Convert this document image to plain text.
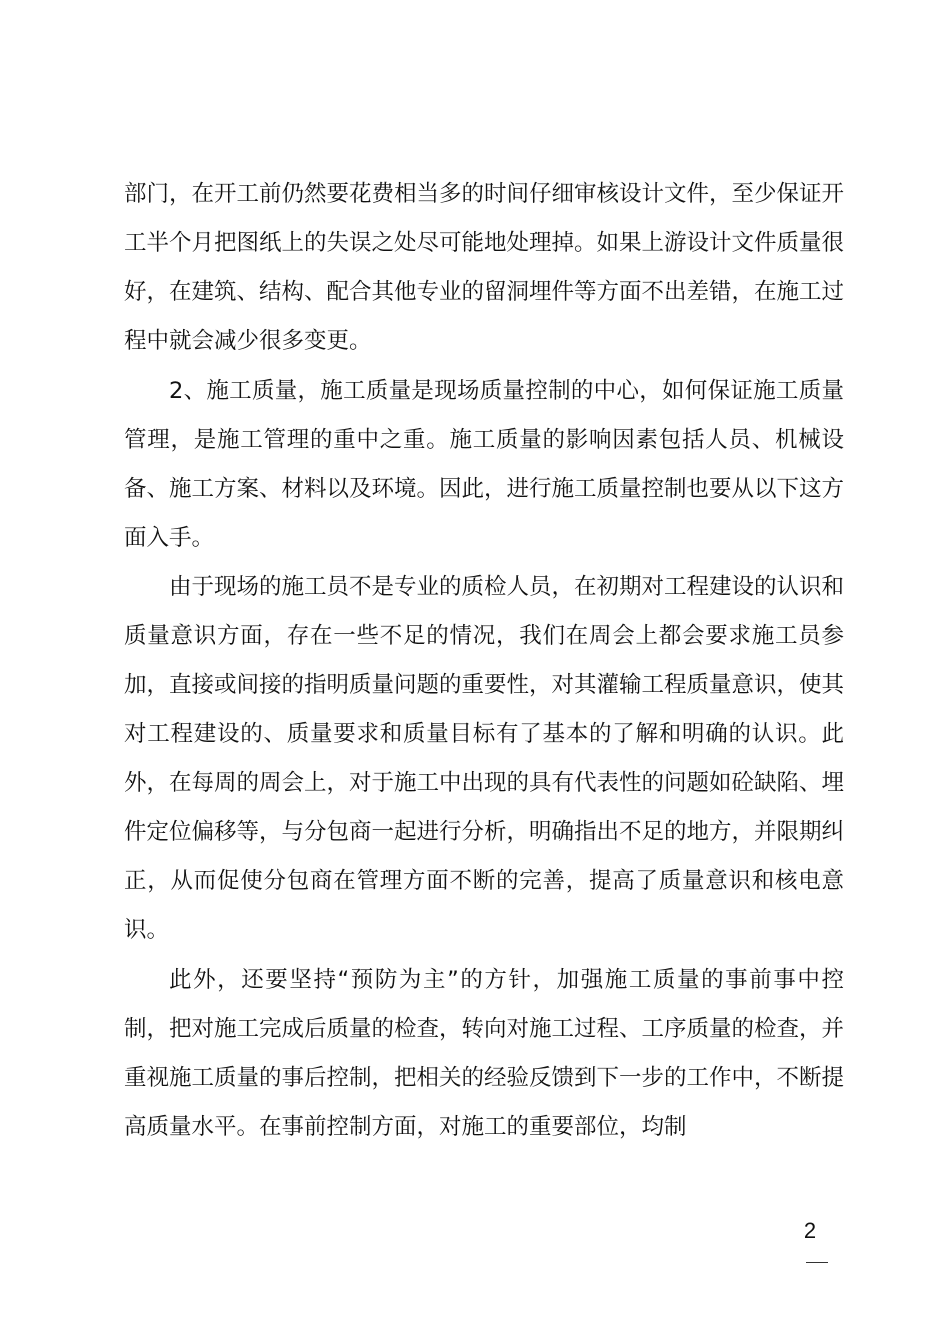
部门，在开工前仍然要花费相当多的时间仔细审核设计文件，至少保证开工半个月把图纸上的失误之处尽可能地处理掉。如果上游设计文件质量很好，在建筑、结构、配合其他专业的留洞埋件等方面不出差错，在施工过程中就会减少很多变更。

2、施工质量，施工质量是现场质量控制的中心，如何保证施工质量管理，是施工管理的重中之重。施工质量的影响因素包括人员、机械设备、施工方案、材料以及环境。因此，进行施工质量控制也要从以下这方面入手。

由于现场的施工员不是专业的质检人员，在初期对工程建设的认识和质量意识方面，存在一些不足的情况，我们在周会上都会要求施工员参加，直接或间接的指明质量问题的重要性，对其灌输工程质量意识，使其对工程建设的、质量要求和质量目标有了基本的了解和明确的认识。此外，在每周的周会上，对于施工中出现的具有代表性的问题如砼缺陷、埋件定位偏移等，与分包商一起进行分析，明确指出不足的地方，并限期纠正，从而促使分包商在管理方面不断的完善，提高了质量意识和核电意识。

此外，还要坚持“预防为主”的方针，加强施工质量的事前事中控制，把对施工完成后质量的检查，转向对施工过程、工序质量的检查，并重视施工质量的事后控制，把相关的经验反馈到下一步的工作中，不断提高质量水平。在事前控制方面，对施工的重要部位，均制

2
